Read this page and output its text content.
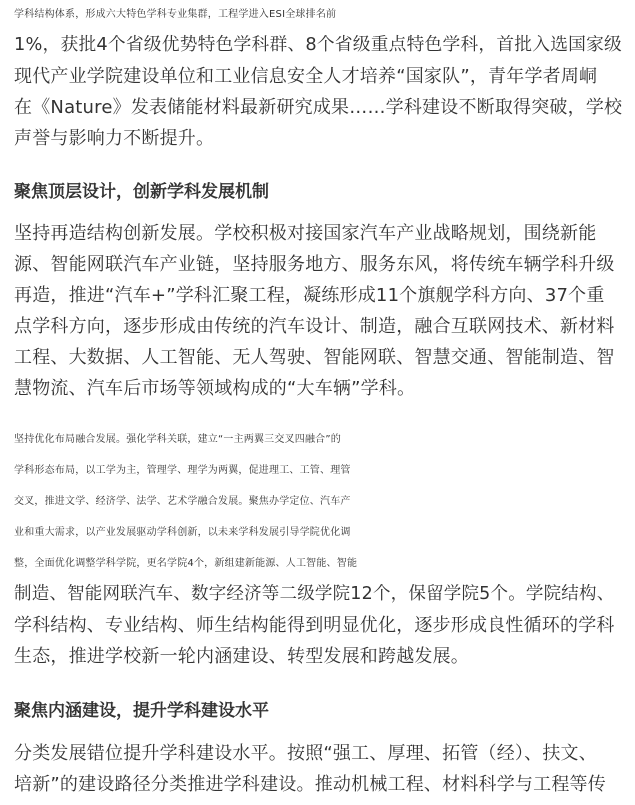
学科结构体系，形成六大特色学科专业集群，工程学进入ESI全球排名前
1%，获批4个省级优势特色学科群、8个省级重点特色学科，首批入选国家级
现代产业学院建设单位和工业信息安全人才培养“国家队”，青年学者周峒
在《Nature》发表储能材料最新研究成果……学科建设不断取得突破，学校
声誉与影响力不断提升。

聚焦顶层设计，创新学科发展机制

坚持再造结构创新发展。学校积极对接国家汽车产业战略规划，围绕新能
源、智能网联汽车产业链，坚持服务地方、服务东风，将传统车辆学科升级
再造，推进“汽车+”学科汇聚工程，凝练形成11个旗舰学科方向、37个重
点学科方向，逐步形成由传统的汽车设计、制造，融合互联网技术、新材料
工程、大数据、人工智能、无人驾驶、智能网联、智慧交通、智能制造、智
慧物流、汽车后市场等领域构成的“大车辆”学科。

坚持优化布局融合发展。强化学科关联，建立“一主两翼三交叉四融合”的
学科形态布局，以工学为主，管理学、理学为两翼，促进理工、工管、理管
交叉，推进文学、经济学、法学、艺术学融合发展。聚焦办学定位、汽车产
业和重大需求，以产业发展驱动学科创新，以未来学科发展引导学院优化调
整，全面优化调整学科学院，更名学院4个，新组建新能源、人工智能、智能
制造、智能网联汽车、数字经济等二级学院12个，保留学院5个。学院结构、
学科结构、专业结构、师生结构能得到明显优化，逐步形成良性循环的学科
生态，推进学校新一轮内涵建设、转型发展和跨越发展。

聚焦内涵建设，提升学科建设水平

分类发展错位提升学科建设水平。按照“强工、厚理、拓管（经）、扶文、
培新”的建设路径分类推进学科建设。推动机械工程、材料科学与工程等传
